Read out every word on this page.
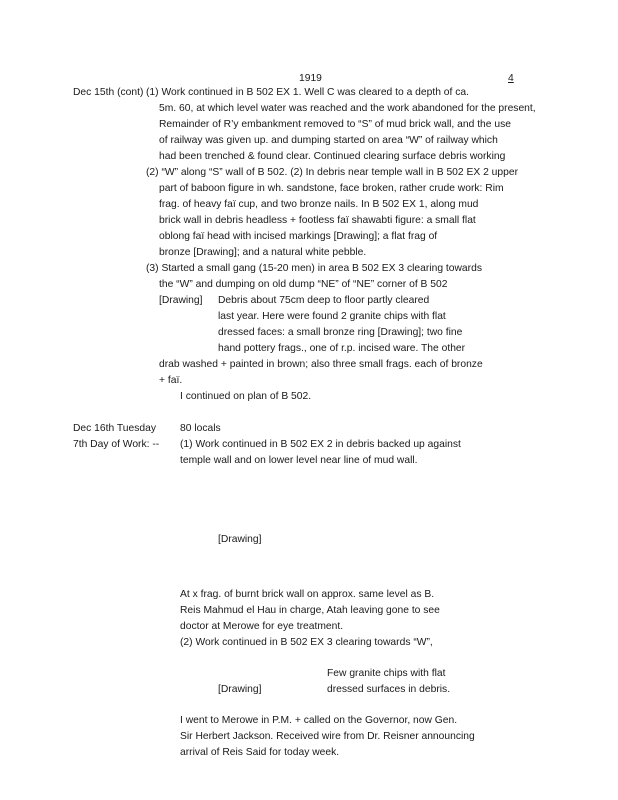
1919	4
Dec 15th (cont) (1) Work continued in B 502 EX 1. Well C was cleared to a depth of ca.
5m. 60, at which level water was reached and the work abandoned for the present,
Remainder of R’y embankment removed to “S” of mud brick wall, and the use
of railway was given up. and dumping started on area “W” of railway which
had been trenched & found clear. Continued clearing surface debris working
(2) “W” along “S” wall of B 502. (2) In debris near temple wall in B 502 EX 2 upper
part of baboon figure in wh. sandstone, face broken, rather crude work: Rim
frag. of heavy faï cup, and two bronze nails. In B 502 EX 1, along mud
brick wall in debris headless + footless faï shawabti figure: a small flat
oblong faï head with incised markings [Drawing]; a flat frag of
bronze [Drawing]; and a natural white pebble.
(3) Started a small gang (15-20 men) in area B 502 EX 3 clearing towards
the “W” and dumping on old dump “NE” of “NE” corner of B 502
[Drawing] Debris about 75cm deep to floor partly cleared
last year. Here were found 2 granite chips with flat
dressed faces: a small bronze ring [Drawing]; two fine
hand pottery frags., one of r.p. incised ware. The other
drab washed + painted in brown; also three small frags. each of bronze
+ faï.
I continued on plan of B 502.
Dec 16th Tuesday 80 locals
7th Day of Work: -- (1) Work continued in B 502 EX 2 in debris backed up against
temple wall and on lower level near line of mud wall.
[Drawing]
At x frag. of burnt brick wall on approx. same level as B.
Reis Mahmud el Hau in charge, Atah leaving gone to see
doctor at Merowe for eye treatment.
(2) Work continued in B 502 EX 3 clearing towards “W”,
Few granite chips with flat
[Drawing]	dressed surfaces in debris.
I went to Merowe in P.M. + called on the Governor, now Gen.
Sir Herbert Jackson. Received wire from Dr. Reisner announcing
arrival of Reis Said for today week.
